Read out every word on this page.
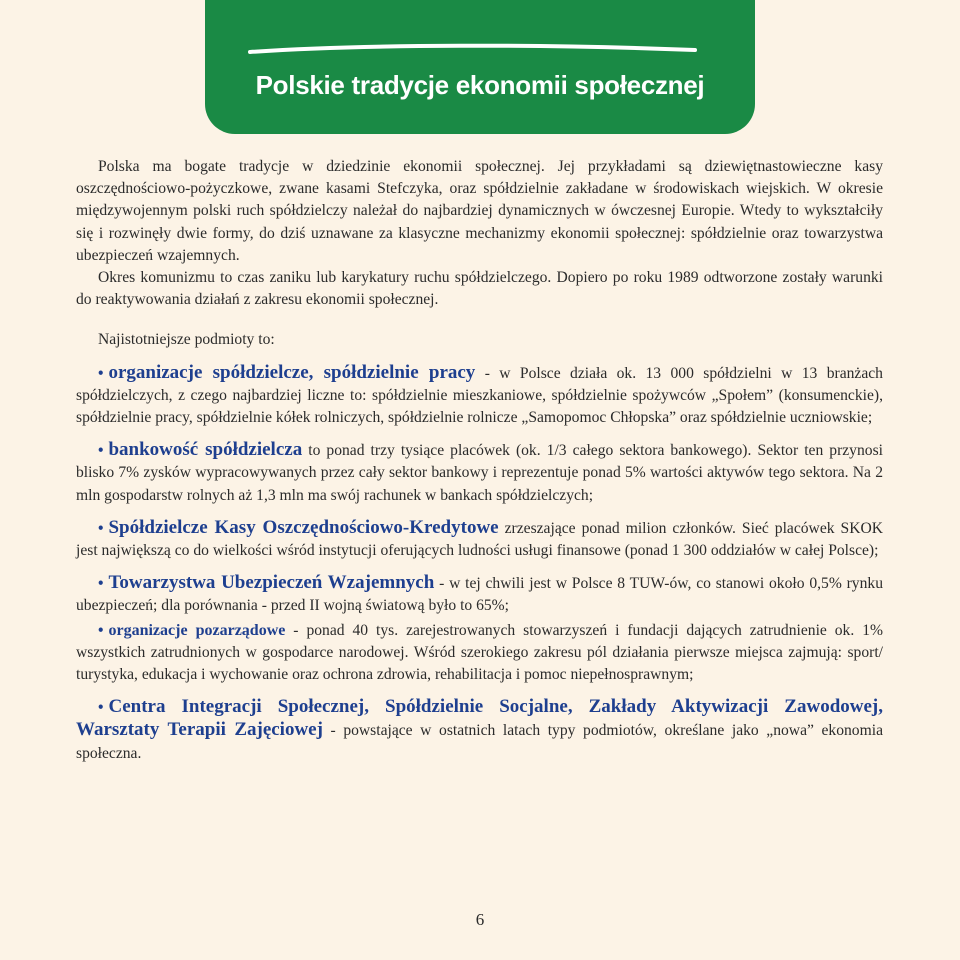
Polskie tradycje ekonomii społecznej

Polska ma bogate tradycje w dziedzinie ekonomii społecznej. Jej przykładami są dziewiętnastowieczne kasy oszczędnościowo-pożyczkowe, zwane kasami Stefczyka, oraz spółdzielnie zakładane w środowiskach wiejskich. W okresie międzywojennym polski ruch spółdzielczy należał do najbardziej dynamicznych w ówczesnej Europie. Wtedy to wykształciły się i rozwinęły dwie formy, do dziś uznawane za klasyczne mechanizmy ekonomii społecznej: spółdzielnie oraz towarzystwa ubezpieczeń wzajemnych.

Okres komunizmu to czas zaniku lub karykatury ruchu spółdzielczego. Dopiero po roku 1989 odtworzone zostały warunki do reaktywowania działań z zakresu ekonomii społecznej.

Najistotniejsze podmioty to:

• organizacje spółdzielcze, spółdzielnie pracy - w Polsce działa ok. 13 000 spółdzielni w 13 branżach spółdzielczych, z czego najbardziej liczne to: spółdzielnie mieszkaniowe, spółdzielnie spożywców „Społem” (konsumenckie), spółdzielnie pracy, spółdzielnie kółek rolniczych, spółdzielnie rolnicze „Samopomoc Chłopska” oraz spółdzielnie uczniowskie;

• bankowość spółdzielcza to ponad trzy tysiące placówek (ok. 1/3 całego sektora bankowego). Sektor ten przynosi blisko 7% zysków wypracowywanych przez cały sektor bankowy i reprezentuje ponad 5% wartości aktywów tego sektora. Na 2 mln gospodarstw rolnych aż 1,3 mln ma swój rachunek w bankach spółdzielczych;

• Spółdzielcze Kasy Oszczędnościowo-Kredytowe zrzeszające ponad milion członków. Sieć placówek SKOK jest największą co do wielkości wśród instytucji oferujących ludności usługi finansowe (ponad 1 300 oddziałów w całej Polsce);

• Towarzystwa Ubezpieczeń Wzajemnych - w tej chwili jest w Polsce 8 TUW-ów, co stanowi około 0,5% rynku ubezpieczeń; dla porównania - przed II wojną światową było to 65%;

• organizacje pozarządowe - ponad 40 tys. zarejestrowanych stowarzyszeń i fundacji dających zatrudnienie ok. 1% wszystkich zatrudnionych w gospodarce narodowej. Wśród szerokiego zakresu pól działania pierwsze miejsca zajmują: sport/ turystyka, edukacja i wychowanie oraz ochrona zdrowia, rehabilitacja i pomoc niepełnosprawnym;

• Centra Integracji Społecznej, Spółdzielnie Socjalne, Zakłady Aktywizacji Zawodowej, Warsztaty Terapii Zajęciowej - powstające w ostatnich latach typy podmiotów, określane jako „nowa” ekonomia społeczna.

6
